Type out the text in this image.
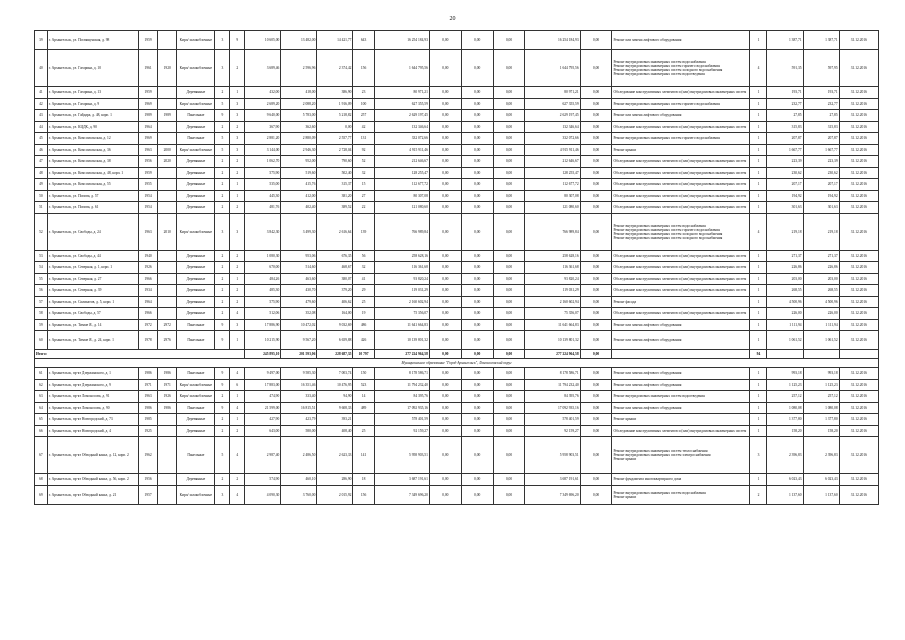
20
39	г. Архангельск, ул. Посвященская, д. 98	1959		Кирп/ шлакоблочные	3	9	10 605,00	13 482,00	14 421,77	643	16 254 184,93	0,00	0,00	0,00	16 254 184,93	0,00	Ремонт или замена лифтового оборудования	1	1 387,71	1 387,71	31.12.2016
40	г. Архангельск, ул. Гагарина, д. 10	1961	1920	Кирп/ шлакоблочные	3	2	3 689,46	2 596,96	2 374,42	156	1 644 795,56	0,00	0,00	0,00	1 644 795,56	0,00	Ремонт внутридомовых инженерных систем водоснабжения
Ремонт внутридомовых инженерных систем горячего водоснабжения
Ремонт внутридомовых инженерных систем холодного водоснабжения
Ремонт внутридомовых инженерных систем водоотведения	4	591,35	597,95	31.12.2016
41	г. Архангельск, ул. Гагарина, д. 13	1959		Деревянные	2	1	432,00	418,00	386,90	23	80 971,21	0,00	0,00	0,00	80 971,21	0,00	Обследование конструктивных элементов и (или) внутридомовых инженерных систем	1	193,71	193,71	31.12.2016
42	г. Архангельск, ул. Гагарина, д. 9	1969		Кирп/ шлакоблочные	5	3	2 689,20	2 088,20	1 916,09	100	627 355,59	0,00	0,00	0,00	627 355,59	0,00	Ремонт внутридомовых инженерных систем горячего водоснабжения	1	232,77	232,77	31.12.2016
43	г. Архангельск, ул. Гайдара, д. 48, корп. 1	1989	1989	Панельные	9	3	9 640,00	5 783,00	5 218,82	257	2 629 197,45	0,00	0,00	0,00	2 629 197,45	0,00	Ремонт или замена лифтового оборудования	1	27,85	27,85	31.12.2016
44	г. Архангельск, ул. КЦДК, д. 90	1964		Деревянные	2	2	367,90	362,60	0,00	42	132 346,64	0,00	0,00	0,00	132 346,64	0,00	Обследование конструктивных элементов и (или) внутридомовых инженерных систем	1	315,83	315,83	31.12.2016
45	г. Архангельск, ул. Комсомольская, д. 12	1969		Панельные	5	3	2 881,20	2 880,09	2 557,77	131	332 072,66	0,00	0,00	0,00	332 072,66	0,00	Ремонт внутридомовых инженерных систем горячего водоснабжения	1	207,87	207,87	31.12.2016
46	г. Архангельск, ул. Комсомольская, д. 36	1963	2000	Кирп/ шлакоблочные	5	3	3 144,00	2 946,30	2 728,04	92	4 915 911,46	0,00	0,00	0,00	4 915 911,46	0,00	Ремонт крыши	1	1 667,77	1 667,77	31.12.2016
47	г. Архангельск, ул. Комсомольская, д. 38	1956	2020	Деревянные	2	2	1 062,70	952,00	790,60	52	212 646,67	0,00	0,00	0,00	212 646,67	0,00	Обследование конструктивных элементов и (или) внутридомовых инженерных систем	1	223,39	223,39	31.12.2016
48	г. Архангельск, ул. Комсомольская, д. 48, корп. 1	1959		Деревянные	2	2	575,90	519,60	502,40	32	128 255,47	0,00	0,00	0,00	128 255,47	0,00	Обследование конструктивных элементов и (или) внутридомовых инженерных систем	1	230,62	230,62	31.12.2016
49	г. Архангельск, ул. Комсомольская, д. 55	1955		Деревянные	2	1	535,00	415,76	315,37	15	112 677,72	0,00	0,00	0,00	112 677,72	0,00	Обследование конструктивных элементов и (или) внутридомовых инженерных систем	1	207,17	207,17	31.12.2016
50	г. Архангельск, ул. Попова, д. 57	1954		Деревянные	2	1	445,30	412,00	381,20	27	80 307,08	0,00	0,00	0,00	80 307,08	0,00	Обследование конструктивных элементов и (или) внутридомовых инженерных систем	1	194,92	194,92	31.12.2016
51	г. Архангельск, ул. Попова, д. 61	1954		Деревянные	2	2	481,76	402,40	389,52	22	121 080,60	0,00	0,00	0,00	121 080,60	0,00	Обследование конструктивных элементов и (или) внутридомовых инженерных систем	1	301,63	301,63	31.12.2016
52	г. Архангельск, ул. Свободы, д. 24	1963	2010	Кирп/ шлакоблочные	3	3	3 842,30	3 499,30	2 616,64	139	766 989,84	0,00	0,00	0,00	766 989,84	0,00	Ремонт внутридомовых инженерных систем водоснабжения
Ремонт внутридомовых инженерных систем горячего водоснабжения
Ремонт внутридомовых инженерных систем холодного водоснабжения
Ремонт внутридомовых инженерных систем холодного водоснабжения	4	219,18	219,18	31.12.2016
53	г. Архангельск, ул. Свободы, д. 44	1940		Деревянные	2	2	1 080,30	953,06	676,35	56	258 628,16	0,00	0,00	0,00	258 628,16	0,00	Обследование конструктивных элементов и (или) внутридомовых инженерных систем	1	271,37	271,37	31.12.2016
54	г. Архангельск, ул. Северная, д. 1, корп. 1	1926		Деревянные	2	2	670,00	514,60	468,67	32	116 361,68	0,00	0,00	0,00	116 361,68	0,00	Обследование конструктивных элементов и (или) внутридомовых инженерных систем	1	226,86	226,86	31.12.2016
55	г. Архангельск, ул. Северная, д. 27	1966		Деревянные	2	1	484,26	463,60	380,07	41	93 820,24	0,00	0,00	0,00	93 820,24	0,00	Обследование конструктивных элементов и (или) внутридомовых инженерных систем	1	203,00	203,00	31.12.2016
56	г. Архангельск, ул. Северная, д. 39	1934		Деревянные	2	2	485,30	430,70	379,20	29	119 031,29	0,00	0,00	0,00	119 031,29	0,00	Обследование конструктивных элементов и (или) внутридомовых инженерных систем	1	268,55	268,55	31.12.2016
57	г. Архангельск, ул. Силикатов, д. 5, корп. 1	1964		Деревянные	2	2	575,90	479,60	406,62	25	2 160 602,94	0,00	0,00	0,00	2 160 602,94	0,00	Ремонт фасада	1	4 500,96	4 500,96	31.12.2016
58	г. Архангельск, ул. Свободы, д. 57	1966		Деревянные	2	4	512,06	352,08	164,00	19	75 356,07	0,00	0,00	0,00	75 356,07	0,00	Обследование конструктивных элементов и (или) внутридомовых инженерных систем	1	226,00	226,00	31.12.2016
59	г. Архангельск, ул. Тимме Я., д. 14	1972	2972	Панельные	9	3	17 886,90	10 472,02	9 032,69	486	11 641 664,83	0,00	0,00	0,00	11 641 664,83	0,00	Ремонт или замена лифтового оборудования	1	1 111,94	1 111,94	31.12.2016
60	г. Архангельск, ул. Тимме Я., д. 24, корп. 1	1978	2976	Панельные	9	1	10 215,90	9 567,20	6 659,88	426	10 139 801,32	0,00	0,00	0,00	10 139 801,32	0,00	Ремонт или замена лифтового оборудования	1	1 061,52	1 061,52	31.12.2016
Итого:							245 895,10	201 593,06	228 687,35	10 797	277 224 964,58	0,00	0,00	0,00	277 224 964,58	0,00		94			
Муниципальное образование "Город Архангельск", Ломоносовский округ																					
61	г. Архангельск, пр-кт Дзержинского, д. 1	1986	1986	Панельные	9	4	9 497,00	9 585,30	7 003,74	150	8 178 586,71	0,00	0,00	0,00	8 178 586,71	0,00	Ремонт или замена лифтового оборудования	1	993,18	993,18	31.12.2016
62	г. Архангельск, пр-кт Дзержинского, д. 9	1971	1971	Кирп/ шлакоблочные	9	6	17 883,00	16 351,46	10 476,95	523	11 794 232,40	0,00	0,00	0,00	11 794 232,40	0,00	Ремонт или замена лифтового оборудования	1	1 125,23	1 125,23	31.12.2016
63	г. Архангельск, пр-кт Ломоносова, д. 91	1963	1926	Кирп/ шлакоблочные	2	1	474,90	333,40	94,90	14	84 395,76	0,00	0,00	0,00	84 395,76	0,00	Ремонт внутридомовых инженерных систем водоотведения	1	257,12	257,12	31.12.2016
64	г. Архангельск, пр-кт Ломоносова, д. 90	1986	1986	Панельные	9	4	21 599,00	16 815,51	9 608,33	489	17 092 935,16	0,00	0,00	0,00	17 092 935,16	0,00	Ремонт или замена лифтового оборудования	1	1 080,08	1 080,08	31.12.2016
65	г. Архангельск, пр-кт Новгородский, д. 73	1985		Деревянные	2	1	427,90	423,79	393,21		578 401,59	0,00	0,00	0,00	578 401,59	0,00	Ремонт крыши	1	1 377,80	1 377,80	31.12.2016
66	г. Архангельск, пр-кт Новгородский, д. 4	1925		Деревянные	2	2	643,00	580,00	408,40	25	92 159,27	0,00	0,00	0,00	92 159,27	0,00	Обследование конструктивных элементов и (или) внутридомовых инженерных систем	1	158,20	158,20	31.12.2016
67	г. Архангельск, пр-кт Обводный канал, д. 12, корп. 2	1962		Панельные	5	4	2 987,40	2 486,50	2 623,33	141	5 958 903,51	0,00	0,00	0,00	5 958 903,51	0,00	Ремонт внутридомовых инженерных систем теплоснабжения
Ремонт внутридомовых инженерных систем электроснабжения
Ремонт крыши	3	2 396,83	2 396,83	31.12.2016
68	г. Архангельск, пр-кт Обводный канал, д. 56, корп. 2	1956		Деревянные	2	2	574,90	460,10	286,90	18	3 687 191,61	0,00	0,00	0,00	3 687 191,61	0,00	Ремонт фундамента многоквартирного дома	1	6 023,43	6 023,43	31.12.2016
69	г. Архангельск, пр-кт Обводный канал, д. 21	1957		Кирп/ шлакоблочные	3	4	4 090,30	3 760,00	2 015,92	156	7 349 696,20	0,00	0,00	0,00	7 349 696,20	0,00	Ремонт внутридомовых инженерных систем водоснабжения
Ремонт крыши	2	1 137,60	1 137,60	31.12.2016
